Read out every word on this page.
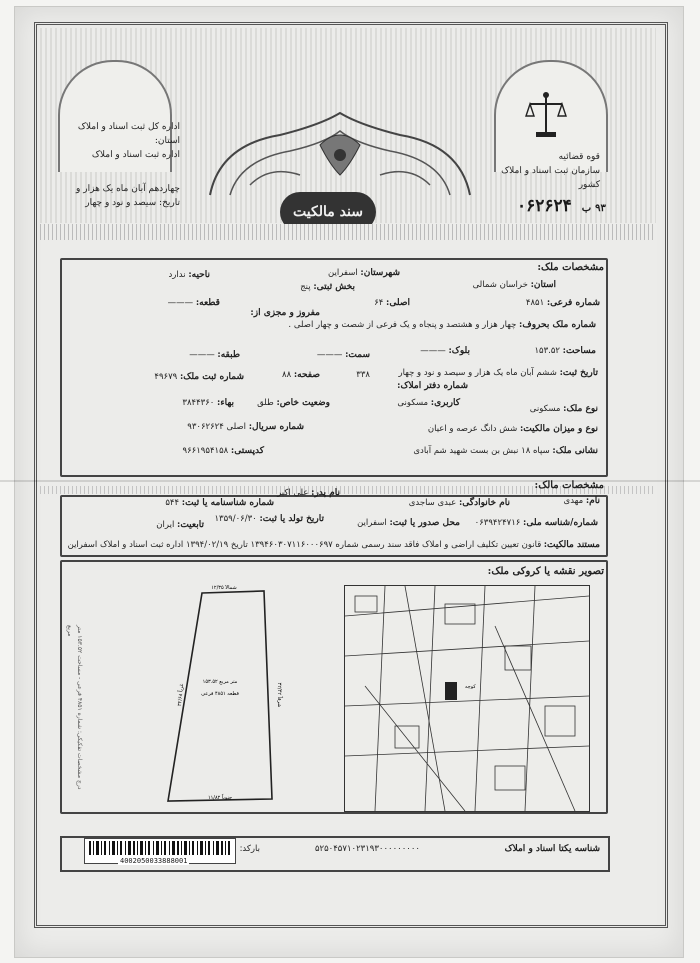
اداره کل ثبت اسناد و املاک
استان:
اداره ثبت اسناد و املاک
چهاردهم آبان ماه یک هزار و
تاریخ: سیصد و نود و چهار
قوه قضائیه
سازمان ثبت اسناد و املاک کشور
سند مالکیت	۹۳ب ۰۶۲۶۲۴
مشخصات ملک:
استان: خراسان شمالی
شهرستان: اسفراین
بخش ثبتی: پنج
ناحیه: ندارد
شماره فرعی: ۴۸۵۱
اصلی: ۶۴
مفروز و مجزی از:
قطعه: ———
شماره ملک بحروف: چهار هزار و هشتصد و پنجاه و یک فرعی از شصت و چهار اصلی .
مساحت: ۱۵۳.۵۲
بلوک: ———
سمت: ———
طبقه: ———
تاریخ ثبت: ششم آبان ماه یک هزار و سیصد و نود و چهار
شماره دفتر املاک:
۳۳۸
صفحه: ۸۸
شماره ثبت ملک: ۴۹۶۷۹
نوع ملک: مسکونی
کاربری: مسکونی
وضعیت خاص: طلق
بهاء: ۳۸۴۴۳۶۰
نوع و میزان مالکیت: شش دانگ عرصه و اعیان
شماره سریال: اصلی ۹۳۰۶۲۶۲۴
نشانی ملک: سپاه ۱۸ نبش بن بست شهید شم آبادی
کدپستی: ۹۶۶۱۹۵۴۱۵۸
مشخصات مالک:
نام: مهدی
نام خانوادگی: عبدی ساجدی
نام پدر: علی اکبر
شماره شناسنامه یا ثبت: ۵۴۴
شماره/شناسه ملی: ۰۶۳۹۴۲۴۷۱۶
محل صدور یا ثبت: اسفراین
تاریخ تولد یا ثبت: ۱۳۵۹/۰۶/۳۰
تابعیت: ایران
مستند مالکیت: قانون تعیین تکلیف اراضی و املاک فاقد سند رسمی شماره ۱۳۹۴۶۰۳۰۷۱۱۶۰۰۰۶۹۷ تاریخ ۱۳۹۴/۰۲/۱۹ اداره ثبت اسناد و املاک اسفراین
تصویر نقشه یا کروکی ملک:
شمالاً ۱۲/۳۵
شرقاً ۳۲/۴۲
جنوباً ۱۱/۸۲
غرباً ۳۲/۶۸
۱۵۳.۵۲ متر مربع
قطعه ۴۸۵۱ فرعی
درج مشخصات تفکیکی: شماره ۴۸۵۱ فرعی - مساحت ۱۵۳.۵۲ متر مربع
کوچه
4002050033888001
بارکد:	۵۲۵۰۴۵۷۱۰۲۳۱۹۳۰۰۰۰۰۰۰۰۰	شناسه یکتا اسناد و املاک
